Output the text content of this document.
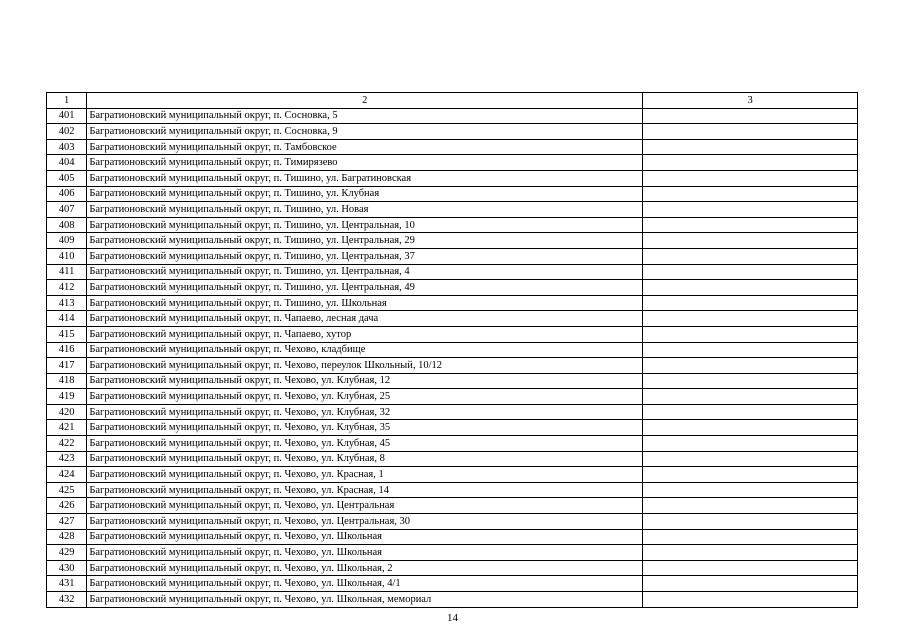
1	2	3
401	Багратионовский муниципальный округ, п. Сосновка, 5	
402	Багратионовский муниципальный округ, п. Сосновка, 9	
403	Багратионовский муниципальный округ, п. Тамбовское	
404	Багратионовский муниципальный округ, п. Тимирязево	
405	Багратионовский муниципальный округ, п. Тишино, ул. Багратиновская	
406	Багратионовский муниципальный округ, п. Тишино, ул. Клубная	
407	Багратионовский муниципальный округ, п. Тишино, ул. Новая	
408	Багратионовский муниципальный округ, п. Тишино, ул. Центральная, 10	
409	Багратионовский муниципальный округ, п. Тишино, ул. Центральная, 29	
410	Багратионовский муниципальный округ, п. Тишино, ул. Центральная, 37	
411	Багратионовский муниципальный округ, п. Тишино, ул. Центральная, 4	
412	Багратионовский муниципальный округ, п. Тишино, ул. Центральная, 49	
413	Багратионовский муниципальный округ, п. Тишино, ул. Школьная	
414	Багратионовский муниципальный округ, п. Чапаево, лесная дача	
415	Багратионовский муниципальный округ, п. Чапаево, хутор	
416	Багратионовский муниципальный округ, п. Чехово, кладбище	
417	Багратионовский муниципальный округ, п. Чехово, переулок Школьный, 10/12	
418	Багратионовский муниципальный округ, п. Чехово, ул. Клубная, 12	
419	Багратионовский муниципальный округ, п. Чехово, ул. Клубная, 25	
420	Багратионовский муниципальный округ, п. Чехово, ул. Клубная, 32	
421	Багратионовский муниципальный округ, п. Чехово, ул. Клубная, 35	
422	Багратионовский муниципальный округ, п. Чехово, ул. Клубная, 45	
423	Багратионовский муниципальный округ, п. Чехово, ул. Клубная, 8	
424	Багратионовский муниципальный округ, п. Чехово, ул. Красная, 1	
425	Багратионовский муниципальный округ, п. Чехово, ул. Красная, 14	
426	Багратионовский муниципальный округ, п. Чехово, ул. Центральная	
427	Багратионовский муниципальный округ, п. Чехово, ул. Центральная, 30	
428	Багратионовский муниципальный округ, п. Чехово, ул. Школьная	
429	Багратионовский муниципальный округ, п. Чехово, ул. Школьная	
430	Багратионовский муниципальный округ, п. Чехово, ул. Школьная, 2	
431	Багратионовский муниципальный округ, п. Чехово, ул. Школьная, 4/1	
432	Багратионовский муниципальный округ, п. Чехово, ул. Школьная, мемориал	
14
